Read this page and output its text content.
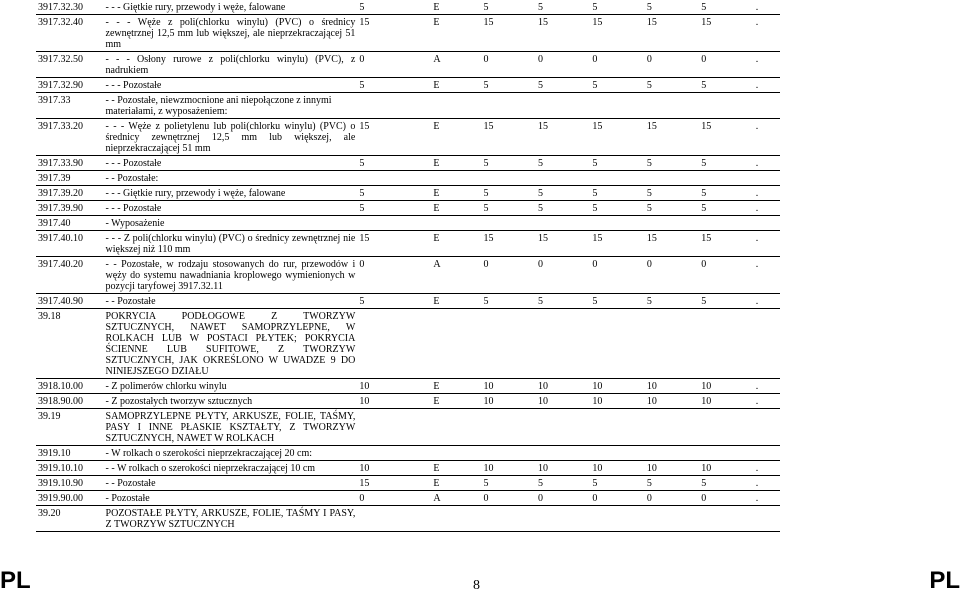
3917.32.30	- - - Giętkie rury, przewody i węże, falowane	5	E	5	5	5	5	5	.
3917.32.40	- - - Węże z poli(chlorku winylu) (PVC) o średnicy zewnętrznej 12,5 mm lub większej, ale nieprzekraczającej 51 mm	15	E	15	15	15	15	15	.
3917.32.50	- - - Osłony rurowe z poli(chlorku winylu) (PVC), z nadrukiem	0	A	0	0	0	0	0	.
3917.32.90	- - - Pozostałe	5	E	5	5	5	5	5	.
3917.33	- - Pozostałe, niewzmocnione ani niepołączone z innymi materiałami, z wyposażeniem:								
3917.33.20	- - - Węże z polietylenu lub poli(chlorku winylu) (PVC) o średnicy zewnętrznej 12,5 mm lub większej, ale nieprzekraczającej 51 mm	15	E	15	15	15	15	15	.
3917.33.90	- - - Pozostałe	5	E	5	5	5	5	5	.
3917.39	- - Pozostałe:								
3917.39.20	- - - Giętkie rury, przewody i węże, falowane	5	E	5	5	5	5	5	.
3917.39.90	- - - Pozostałe	5	E	5	5	5	5	5	.
3917.40	- Wyposażenie								
3917.40.10	- - - Z poli(chlorku winylu) (PVC) o średnicy zewnętrznej nie większej niż 110 mm	15	E	15	15	15	15	15	.
3917.40.20	- - Pozostałe, w rodzaju stosowanych do rur, przewodów i węży do systemu nawadniania kroplowego wymienionych w pozycji taryfowej 3917.32.11	0	A	0	0	0	0	0	.
3917.40.90	- - Pozostałe	5	E	5	5	5	5	5	.
39.18	POKRYCIA PODŁOGOWE Z TWORZYW SZTUCZNYCH, NAWET SAMOPRZYLEPNE, W ROLKACH LUB W POSTACI PŁYTEK; POKRYCIA ŚCIENNE LUB SUFITOWE, Z TWORZYW SZTUCZNYCH, JAK OKREŚLONO W UWADZE 9 DO NINIEJSZEGO DZIAŁU								
3918.10.00	- Z polimerów chlorku winylu	10	E	10	10	10	10	10	.
3918.90.00	- Z pozostałych tworzyw sztucznych	10	E	10	10	10	10	10	.
39.19	SAMOPRZYLEPNE PŁYTY, ARKUSZE, FOLIE, TAŚMY, PASY I INNE PŁASKIE KSZTAŁTY, Z TWORZYW SZTUCZNYCH, NAWET W ROLKACH								
3919.10	- W rolkach o szerokości nieprzekraczającej 20 cm:								
3919.10.10	- - W rolkach o szerokości nieprzekraczającej 10 cm	10	E	10	10	10	10	10	.
3919.10.90	- - Pozostałe	15	E	5	5	5	5	5	.
3919.90.00	- Pozostałe	0	A	0	0	0	0	0	.
39.20	POZOSTAŁE PŁYTY, ARKUSZE, FOLIE, TAŚMY I PASY, Z TWORZYW SZTUCZNYCH								
PL	8	PL
